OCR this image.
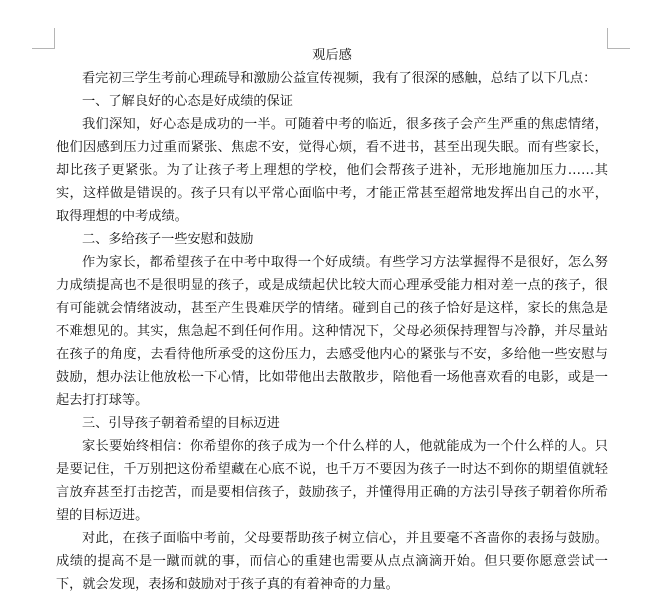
观后感

看完初三学生考前心理疏导和激励公益宣传视频，我有了很深的感触，总结了以下几点：

一、了解良好的心态是好成绩的保证

我们深知，好心态是成功的一半。可随着中考的临近，很多孩子会产生严重的焦虑情绪，他们因感到压力过重而紧张、焦虑不安，觉得心烦，看不进书，甚至出现失眠。而有些家长，却比孩子更紧张。为了让孩子考上理想的学校，他们会帮孩子进补，无形地施加压力……其实，这样做是错误的。孩子只有以平常心面临中考，才能正常甚至超常地发挥出自己的水平，取得理想的中考成绩。

二、多给孩子一些安慰和鼓励

作为家长，都希望孩子在中考中取得一个好成绩。有些学习方法掌握得不是很好，怎么努力成绩提高也不是很明显的孩子，或是成绩起伏比较大而心理承受能力相对差一点的孩子，很有可能就会情绪波动，甚至产生畏难厌学的情绪。碰到自己的孩子恰好是这样，家长的焦急是不难想见的。其实，焦急起不到任何作用。这种情况下，父母必须保持理智与冷静，并尽量站在孩子的角度，去看待他所承受的这份压力，去感受他内心的紧张与不安，多给他一些安慰与鼓励，想办法让他放松一下心情，比如带他出去散散步，陪他看一场他喜欢看的电影，或是一起去打打球等。

三、引导孩子朝着希望的目标迈进

家长要始终相信：你希望你的孩子成为一个什么样的人，他就能成为一个什么样的人。只是要记住，千万别把这份希望藏在心底不说，也千万不要因为孩子一时达不到你的期望值就轻言放弃甚至打击挖苦，而是要相信孩子，鼓励孩子，并懂得用正确的方法引导孩子朝着你所希望的目标迈进。

对此，在孩子面临中考前，父母要帮助孩子树立信心，并且要毫不吝啬你的表扬与鼓励。成绩的提高不是一蹴而就的事，而信心的重建也需要从点点滴滴开始。但只要你愿意尝试一下，就会发现，表扬和鼓励对于孩子真的有着神奇的力量。
